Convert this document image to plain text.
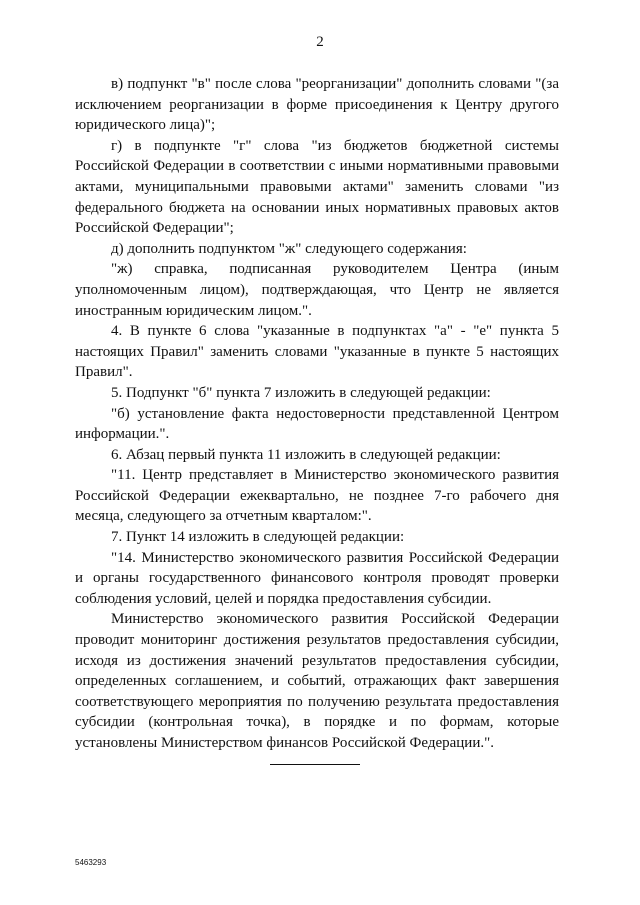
2

в) подпункт "в" после слова "реорганизации" дополнить словами "(за исключением реорганизации в форме присоединения к Центру другого юридического лица)";

г) в подпункте "г" слова "из бюджетов бюджетной системы Российской Федерации в соответствии с иными нормативными правовыми актами, муниципальными правовыми актами" заменить словами "из федерального бюджета на основании иных нормативных правовых актов Российской Федерации";

д) дополнить подпунктом "ж" следующего содержания:

"ж) справка, подписанная руководителем Центра (иным уполномоченным лицом), подтверждающая, что Центр не является иностранным юридическим лицом.".

4. В пункте 6 слова "указанные в подпунктах "а" - "е" пункта 5 настоящих Правил" заменить словами "указанные в пункте 5 настоящих Правил".

5. Подпункт "б" пункта 7 изложить в следующей редакции:

"б) установление факта недостоверности представленной Центром информации.".

6. Абзац первый пункта 11 изложить в следующей редакции:

"11. Центр представляет в Министерство экономического развития Российской Федерации ежеквартально, не позднее 7-го рабочего дня месяца, следующего за отчетным кварталом:".

7. Пункт 14 изложить в следующей редакции:

"14. Министерство экономического развития Российской Федерации и органы государственного финансового контроля проводят проверки соблюдения условий, целей и порядка предоставления субсидии.

Министерство экономического развития Российской Федерации проводит мониторинг достижения результатов предоставления субсидии, исходя из достижения значений результатов предоставления субсидии, определенных соглашением, и событий, отражающих факт завершения соответствующего мероприятия по получению результата предоставления субсидии (контрольная точка), в порядке и по формам, которые установлены Министерством финансов Российской Федерации.".

5463293
